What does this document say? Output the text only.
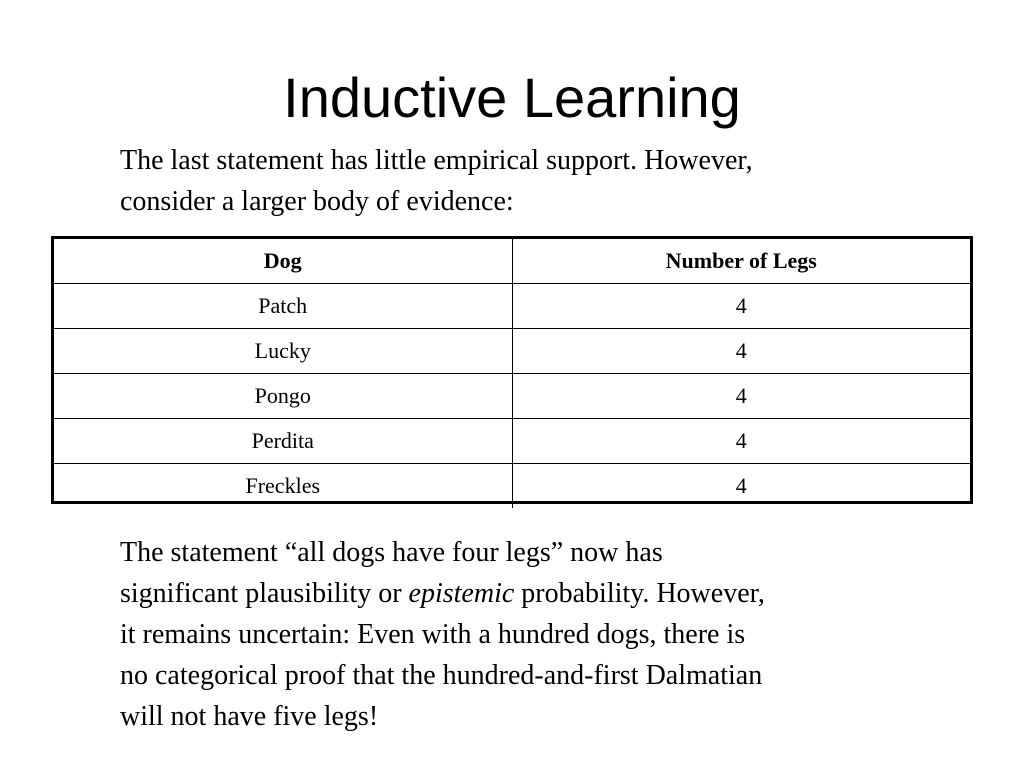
Inductive Learning

The last statement has little empirical support. However,
consider a larger body of evidence:

Dog	Number of Legs
Patch	4
Lucky	4
Pongo	4
Perdita	4
Freckles	4

The statement “all dogs have four legs” now has
significant plausibility or epistemic probability. However,
it remains uncertain: Even with a hundred dogs, there is
no categorical proof that the hundred-and-first Dalmatian
will not have five legs!
